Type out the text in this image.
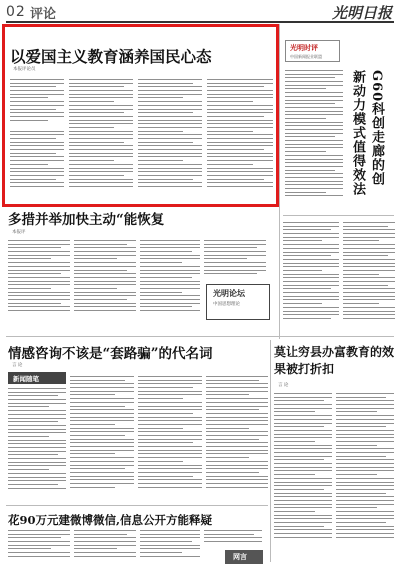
02 评论	光明日报
以爱国主义教育涵养国民心态
本报评论员
光明时评
中国新闻报业联盟
G60科创走廊的创新动力模式值得效法
多措并举加快主动“能恢复
本报评
光明论坛
中国思想理论
情感咨询不该是“套路骗”的代名词
言 论
新闻随笔
莫让穷县办富教育的效果被打折扣
言 论
花90万元建微博微信,信息公开方能释疑
网言
